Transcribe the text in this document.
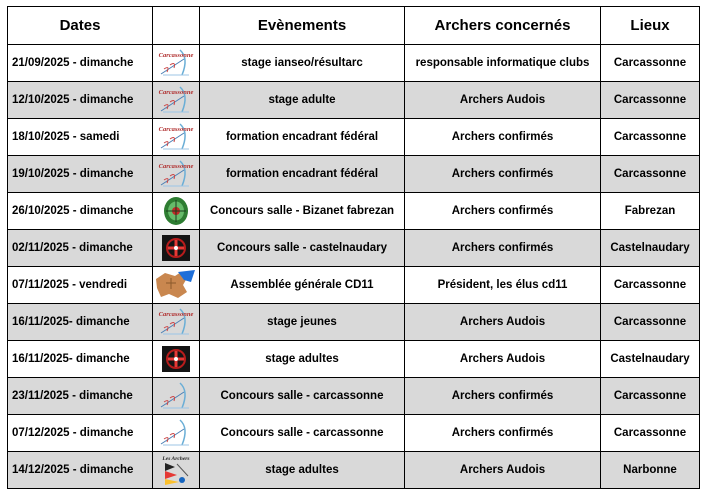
Dates		Evènements	Archers concernés	Lieux
21/09/2025 - dimanche	Carcassonne	stage ianseo/résultarc	responsable informatique clubs	Carcassonne
12/10/2025 - dimanche	Carcassonne	stage adulte	Archers Audois	Carcassonne
18/10/2025 - samedi	Carcassonne	formation encadrant fédéral	Archers confirmés	Carcassonne
19/10/2025 - dimanche	Carcassonne	formation encadrant fédéral	Archers confirmés	Carcassonne
26/10/2025 - dimanche		Concours salle - Bizanet fabrezan	Archers confirmés	Fabrezan
02/11/2025 - dimanche		Concours salle - castelnaudary	Archers confirmés	Castelnaudary
07/11/2025 - vendredi		Assemblée générale CD11	Président, les élus cd11	Carcassonne
16/11/2025- dimanche	Carcassonne	stage jeunes	Archers Audois	Carcassonne
16/11/2025- dimanche		stage adultes	Archers Audois	Castelnaudary
23/11/2025 - dimanche		Concours salle - carcassonne	Archers confirmés	Carcassonne
07/12/2025 - dimanche		Concours salle - carcassonne	Archers confirmés	Carcassonne
14/12/2025 - dimanche	Les Archers	stage adultes	Archers Audois	Narbonne
